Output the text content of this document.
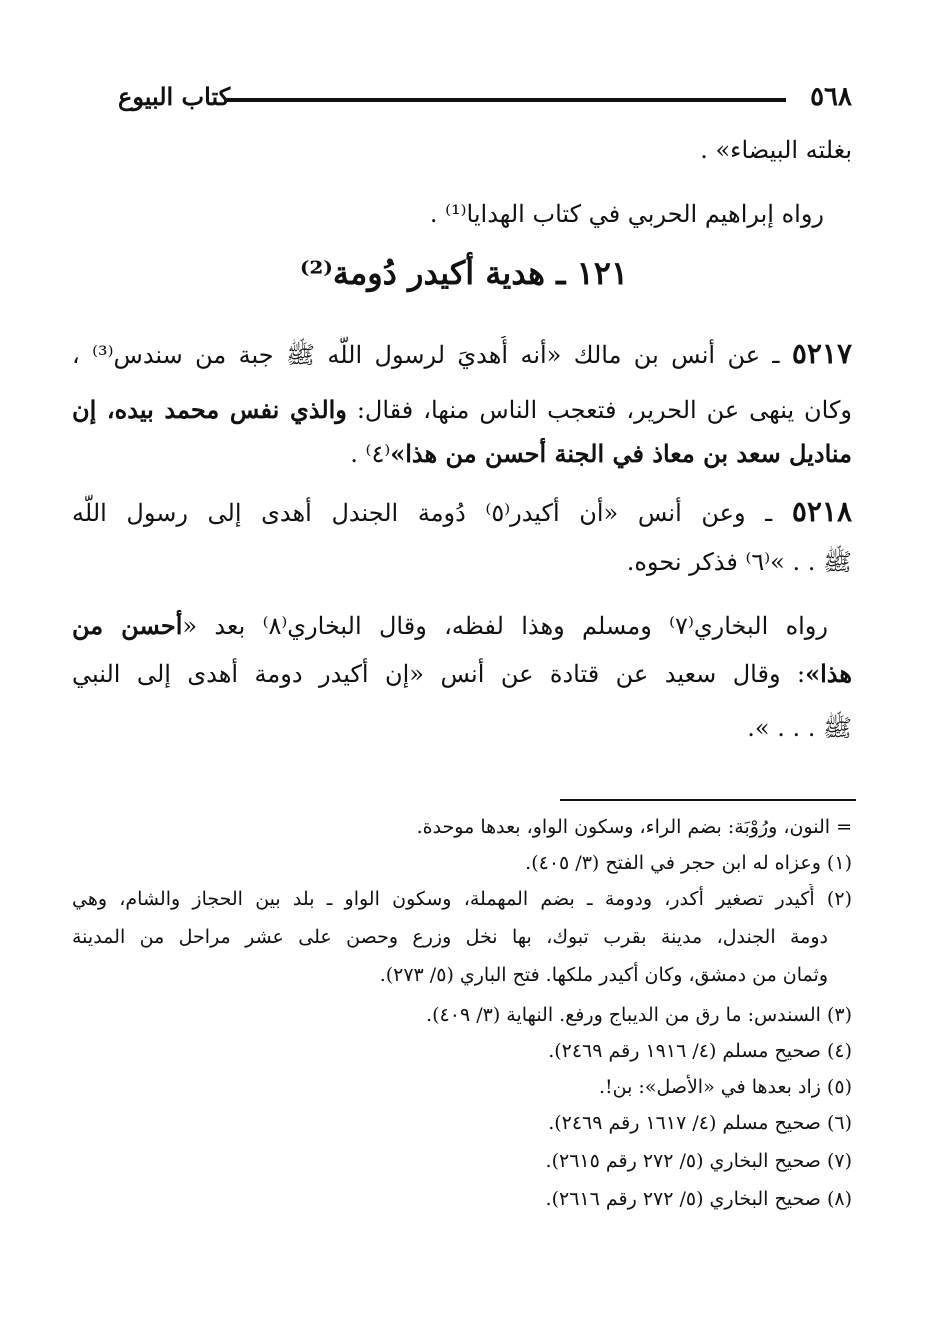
٥٦٨
كتاب البيوع
بغلته البيضاء» .
رواه إبراهيم الحربي في كتاب الهدايا⁽¹⁾ .
١٢١ ـ هدية أكيدر دُومة⁽²⁾
٥٢١٧ ـ عن أنس بن مالك «أنه أُهديَ لرسول اللَّه ﷺ جبة من سندس⁽³⁾ ،
وكان ينهى عن الحرير، فتعجب الناس منها، فقال: والذي نفس محمد بيده، إن
مناديل سعد بن معاذ في الجنة أحسن من هذا»⁽٤⁾ .
٥٢١٨ ـ وعن أنس «أن أكيدر⁽٥⁾ دُومة الجندل أهدى إلى رسول اللَّه
ﷺ . . »⁽٦⁾ فذكر نحوه.
رواه البخاري⁽٧⁾ ومسلم وهذا لفظه، وقال البخاري⁽٨⁾ بعد «أحسن من
هذا»: وقال سعيد عن قتادة عن أنس «إن أكيدر دومة أهدى إلى النبي
ﷺ . . . ».
= النون، ورُوْبَة: بضم الراء، وسكون الواو، بعدها موحدة.
(١) وعزاه له ابن حجر في الفتح (٣/ ٤٠٥).
(٢) أُكيدر تصغير أكدر، ودومة ـ بضم المهملة، وسكون الواو ـ بلد بين الحجاز والشام، وهي
دومة الجندل، مدينة بقرب تبوك، بها نخل وزرع وحصن على عشر مراحل من المدينة
وثمان من دمشق، وكان أكيدر ملكها. فتح الباري (٥/ ٢٧٣).
(٣) السندس: ما رق من الديباج ورفع. النهاية (٣/ ٤٠٩).
(٤) صحيح مسلم (٤/ ١٩١٦ رقم ٢٤٦٩).
(٥) زاد بعدها في «الأصل»: بن!.
(٦) صحيح مسلم (٤/ ١٦١٧ رقم ٢٤٦٩).
(٧) صحيح البخاري (٥/ ٢٧٢ رقم ٢٦١٥).
(٨) صحيح البخاري (٥/ ٢٧٢ رقم ٢٦١٦).
